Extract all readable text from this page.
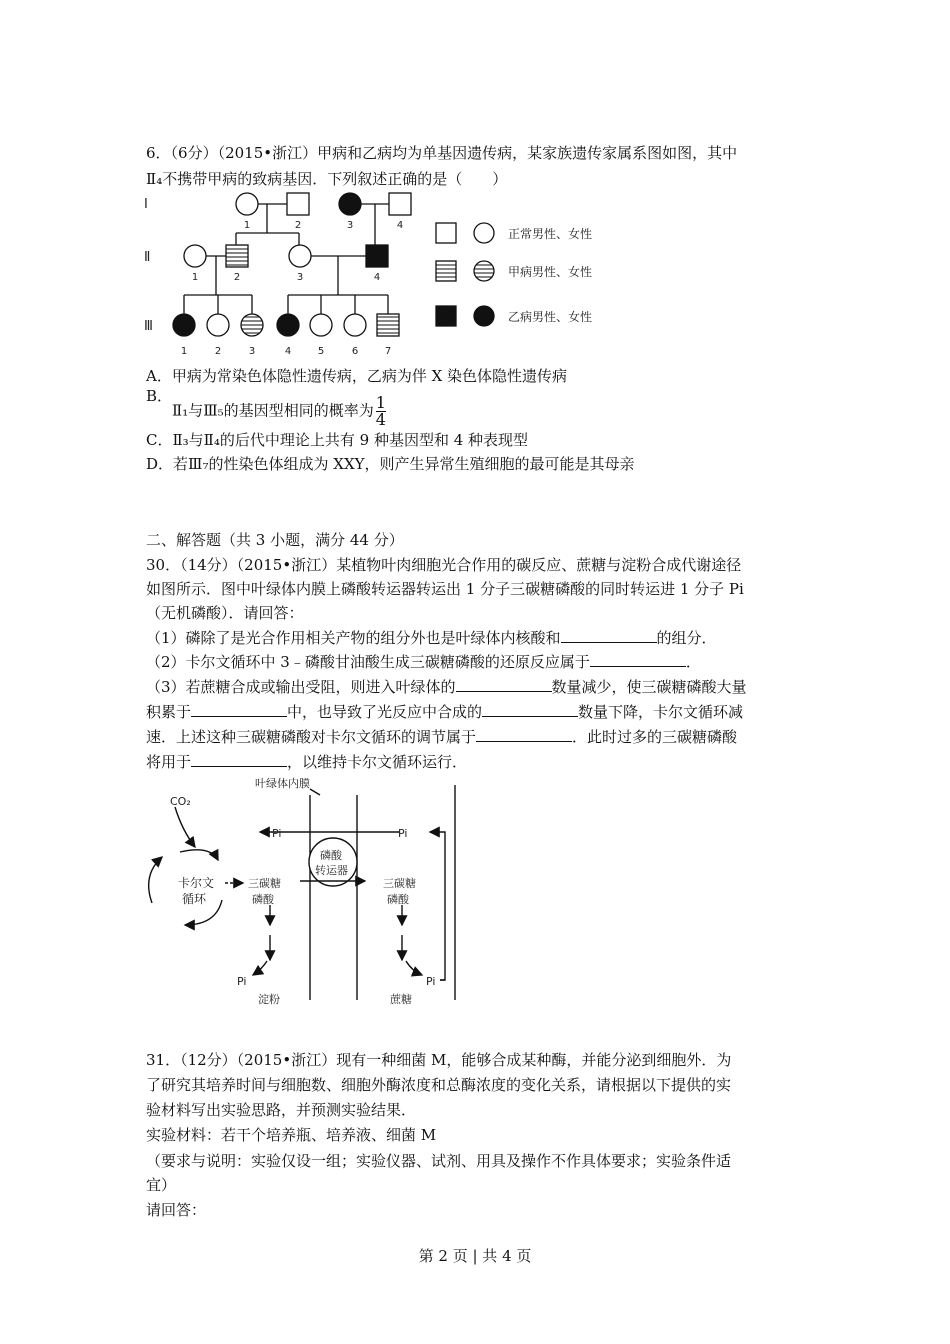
6．（6分）（2015•浙江）甲病和乙病均为单基因遗传病，某家族遗传家属系图如图，其中
Ⅱ₄不携带甲病的致病基因．下列叙述正确的是（　　）
Ⅰ
Ⅱ
Ⅲ
1	2	3	4
1	2	3	4
1	2	3	4	5	6	7
正常男性、女性
甲病男性、女性
乙病男性、女性
A．甲病为常染色体隐性遗传病，乙病为伴 X 染色体隐性遗传病
B．
Ⅱ₁与Ⅲ₅的基因型相同的概率为 $\frac{1}{4}$
C．Ⅱ₃与Ⅱ₄的后代中理论上共有 9 种基因型和 4 种表现型
D．若Ⅲ₇的性染色体组成为 XXY，则产生异常生殖细胞的最可能是其母亲
二、解答题（共 3 小题，满分 44 分）
30．（14分）（2015•浙江）某植物叶肉细胞光合作用的碳反应、蔗糖与淀粉合成代谢途径
如图所示．图中叶绿体内膜上磷酸转运器转运出 1 分子三碳糖磷酸的同时转运进 1 分子 Pi
（无机磷酸）．请回答：
（1）磷除了是光合作用相关产物的组分外也是叶绿体内核酸和	的组分．
（2）卡尔文循环中 3﹣磷酸甘油酸生成三碳糖磷酸的还原反应属于	．
（3）若蔗糖合成或输出受阻，则进入叶绿体的	数量减少，使三碳糖磷酸大量
积累于	中，也导致了光反应中合成的	数量下降，卡尔文循环减
速．上述这种三碳糖磷酸对卡尔文循环的调节属于	．此时过多的三碳糖磷酸
将用于	，以维持卡尔文循环运行．
叶绿体内膜
CO₂
卡尔文
循环
Pi	Pi
三碳糖
磷酸
三碳糖
磷酸
磷酸
转运器
Pi
淀粉
Pi
蔗糖
31．（12分）（2015•浙江）现有一种细菌 M，能够合成某种酶，并能分泌到细胞外．为
了研究其培养时间与细胞数、细胞外酶浓度和总酶浓度的变化关系，请根据以下提供的实
验材料写出实验思路，并预测实验结果．
实验材料：若干个培养瓶、培养液、细菌 M
（要求与说明：实验仅设一组；实验仪器、试剂、用具及操作不作具体要求；实验条件适
宜）
请回答：
第 2 页 | 共 4 页
